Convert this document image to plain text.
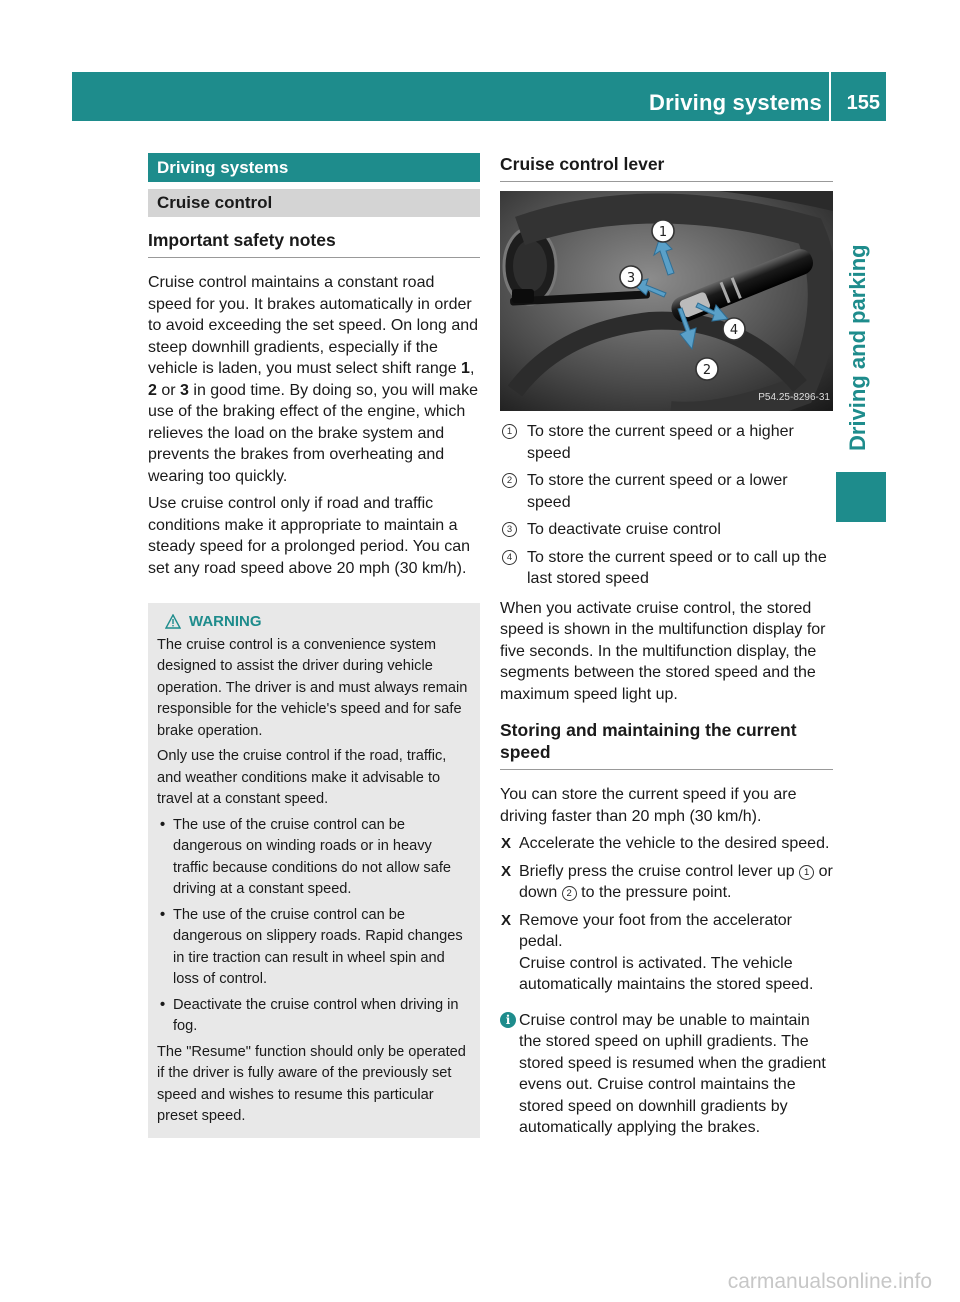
Driving systems 155
Driving and parking
Driving systems
Cruise control
Important safety notes

Cruise control maintains a constant road speed for you. It brakes automatically in order to avoid exceeding the set speed. On long and steep downhill gradients, especially if the vehicle is laden, you must select shift range 1, 2 or 3 in good time. By doing so, you will make use of the braking effect of the engine, which relieves the load on the brake system and prevents the brakes from overheating and wearing too quickly.

Use cruise control only if road and traffic conditions make it appropriate to maintain a steady speed for a prolonged period. You can set any road speed above 20 mph (30 km/h).

WARNING

The cruise control is a convenience system designed to assist the driver during vehicle operation. The driver is and must always remain responsible for the vehicle's speed and for safe brake operation.

Only use the cruise control if the road, traffic, and weather conditions make it advisable to travel at a constant speed.

• The use of the cruise control can be dangerous on winding roads or in heavy traffic because conditions do not allow safe driving at a constant speed.
• The use of the cruise control can be dangerous on slippery roads. Rapid changes in tire traction can result in wheel spin and loss of control.
• Deactivate the cruise control when driving in fog.

The "Resume" function should only be operated if the driver is fully aware of the previously set speed and wishes to resume this particular preset speed.

Cruise control lever
1
2
3
4
P54.25-8296-31
1 To store the current speed or a higher speed
2 To store the current speed or a lower speed
3 To deactivate cruise control
4 To store the current speed or to call up the last stored speed

When you activate cruise control, the stored speed is shown in the multifunction display for five seconds. In the multifunction display, the segments between the stored speed and the maximum speed light up.

Storing and maintaining the current speed

You can store the current speed if you are driving faster than 20 mph (30 km/h).

X Accelerate the vehicle to the desired speed.
X Briefly press the cruise control lever up 1 or down 2 to the pressure point.
X Remove your foot from the accelerator pedal.
Cruise control is activated. The vehicle automatically maintains the stored speed.
i Cruise control may be unable to maintain the stored speed on uphill gradients. The stored speed is resumed when the gradient evens out. Cruise control maintains the stored speed on downhill gradients by automatically applying the brakes.
carmanualsonline.info
